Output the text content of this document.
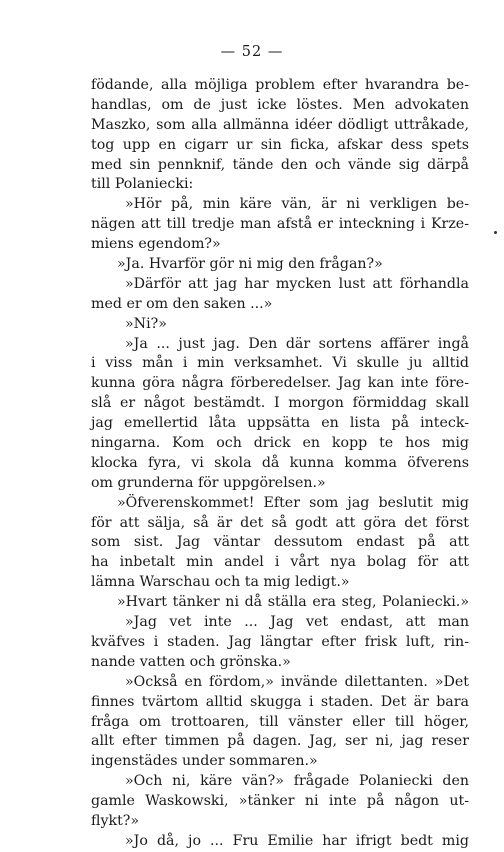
— 52 —
födande, alla möjliga problem efter hvarandra be-
handlas, om de just icke löstes. Men advokaten
Maszko, som alla allmänna idéer dödligt uttråkade,
tog upp en cigarr ur sin ficka, afskar dess spets
med sin pennknif, tände den och vände sig därpå
till Polaniecki:
»Hör på, min käre vän, är ni verkligen be-
nägen att till tredje man afstå er inteckning i Krze-
miens egendom?»
»Ja. Hvarför gör ni mig den frågan?»
»Därför att jag har mycken lust att förhandla
med er om den saken ...»
»Ni?»
»Ja ... just jag. Den där sortens affärer ingå
i viss mån i min verksamhet. Vi skulle ju alltid
kunna göra några förberedelser. Jag kan inte före-
slå er något bestämdt. I morgon förmiddag skall
jag emellertid låta uppsätta en lista på inteck-
ningarna. Kom och drick en kopp te hos mig
klocka fyra, vi skola då kunna komma öfverens
om grunderna för uppgörelsen.»
»Öfverenskommet! Efter som jag beslutit mig
för att sälja, så är det så godt att göra det först
som sist. Jag väntar dessutom endast på att
ha inbetalt min andel i vårt nya bolag för att
lämna Warschau och ta mig ledigt.»
»Hvart tänker ni då ställa era steg, Polaniecki.»
»Jag vet inte ... Jag vet endast, att man
kväfves i staden. Jag längtar efter frisk luft, rin-
nande vatten och grönska.»
»Också en fördom,» invände dilettanten. »Det
finnes tvärtom alltid skugga i staden. Det är bara
fråga om trottoaren, till vänster eller till höger,
allt efter timmen på dagen. Jag, ser ni, jag reser
ingenstädes under sommaren.»
»Och ni, käre vän?» frågade Polaniecki den
gamle Waskowski, »tänker ni inte på någon ut-
flykt?»
»Jo då, jo ... Fru Emilie har ifrigt bedt mig
